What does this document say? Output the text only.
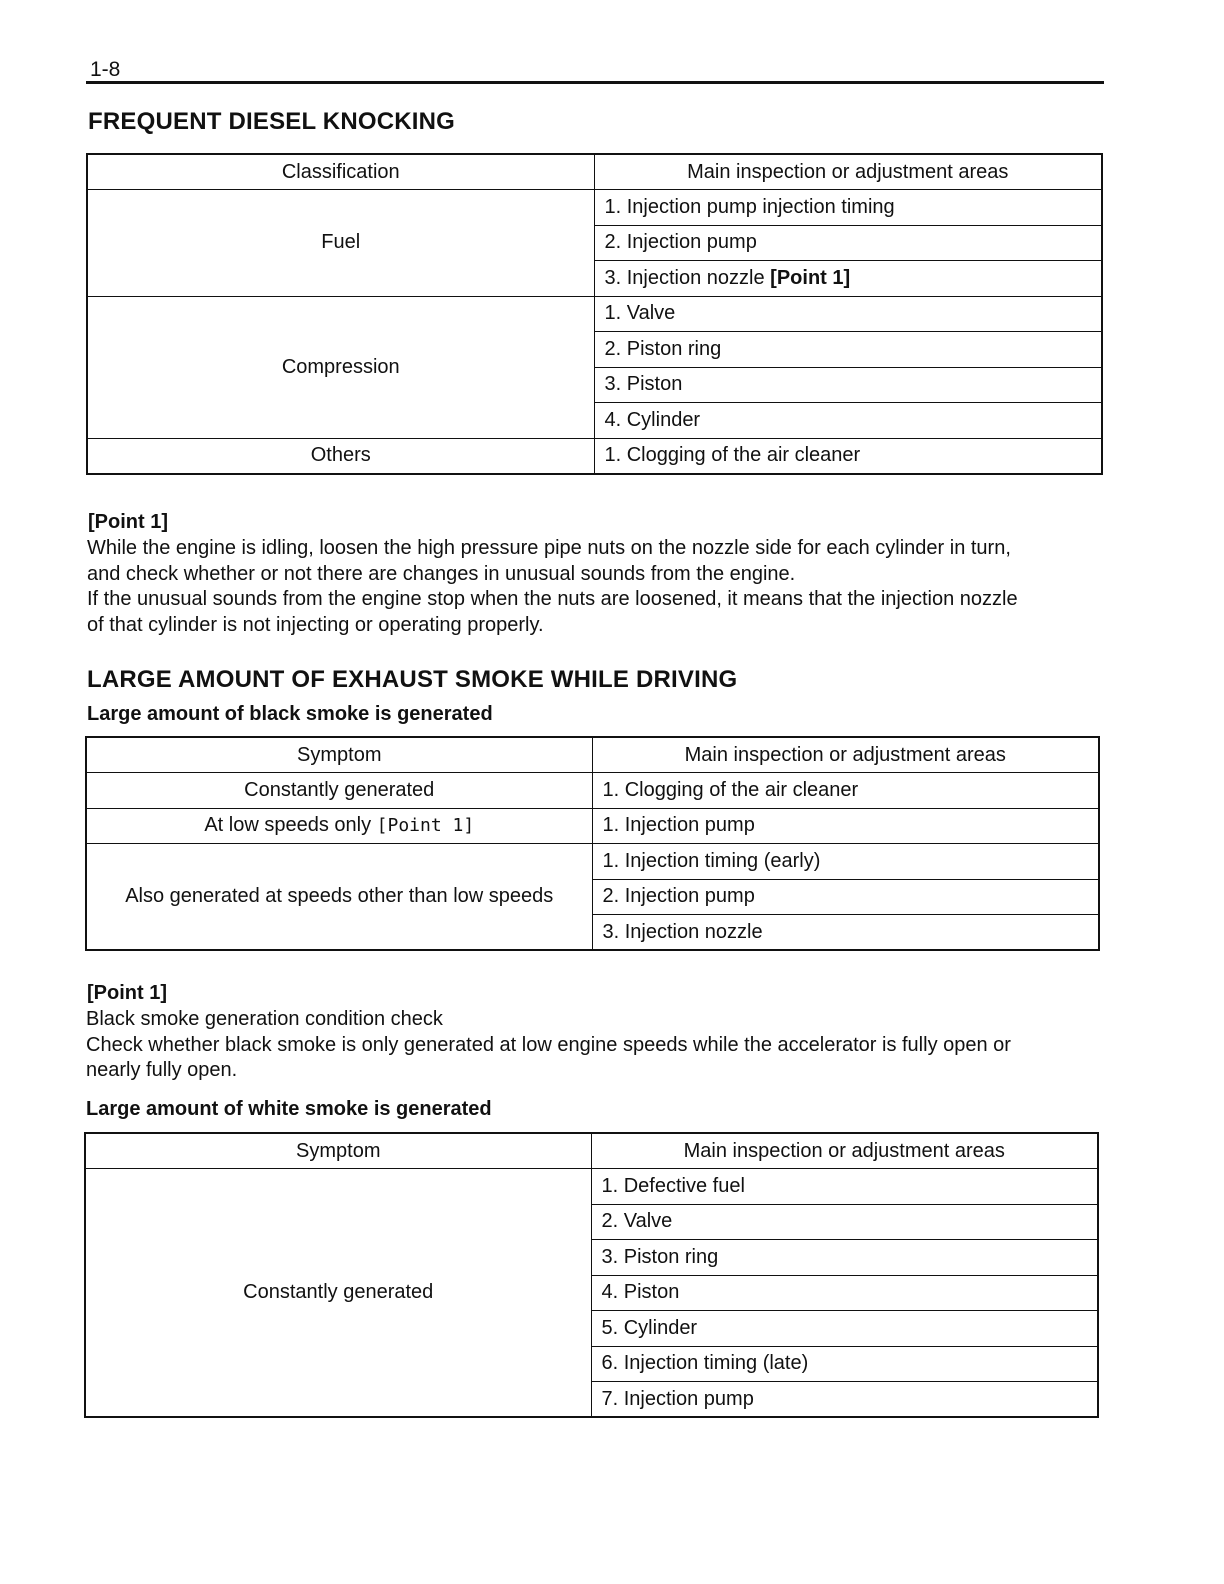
1-8
FREQUENT DIESEL KNOCKING
Classification	Main inspection or adjustment areas
Fuel	1. Injection pump injection timing
	2. Injection pump
	3. Injection nozzle [Point 1]
Compression	1. Valve
	2. Piston ring
	3. Piston
	4. Cylinder
Others	1. Clogging of the air cleaner
[Point 1]

While the engine is idling, loosen the high pressure pipe nuts on the nozzle side for each cylinder in turn,

and check whether or not there are changes in unusual sounds from the engine.

If the unusual sounds from the engine stop when the nuts are loosened, it means that the injection nozzle

of that cylinder is not injecting or operating properly.

LARGE AMOUNT OF EXHAUST SMOKE WHILE DRIVING
Large amount of black smoke is generated
Symptom	Main inspection or adjustment areas
Constantly generated	1. Clogging of the air cleaner
At low speeds only [Point 1]	1. Injection pump
Also generated at speeds other than low speeds	1. Injection timing (early)
	2. Injection pump
	3. Injection nozzle
[Point 1]

Black smoke generation condition check

Check whether black smoke is only generated at low engine speeds while the accelerator is fully open or

nearly fully open.

Large amount of white smoke is generated
Symptom	Main inspection or adjustment areas
Constantly generated	1. Defective fuel
	2. Valve
	3. Piston ring
	4. Piston
	5. Cylinder
	6. Injection timing (late)
	7. Injection pump
